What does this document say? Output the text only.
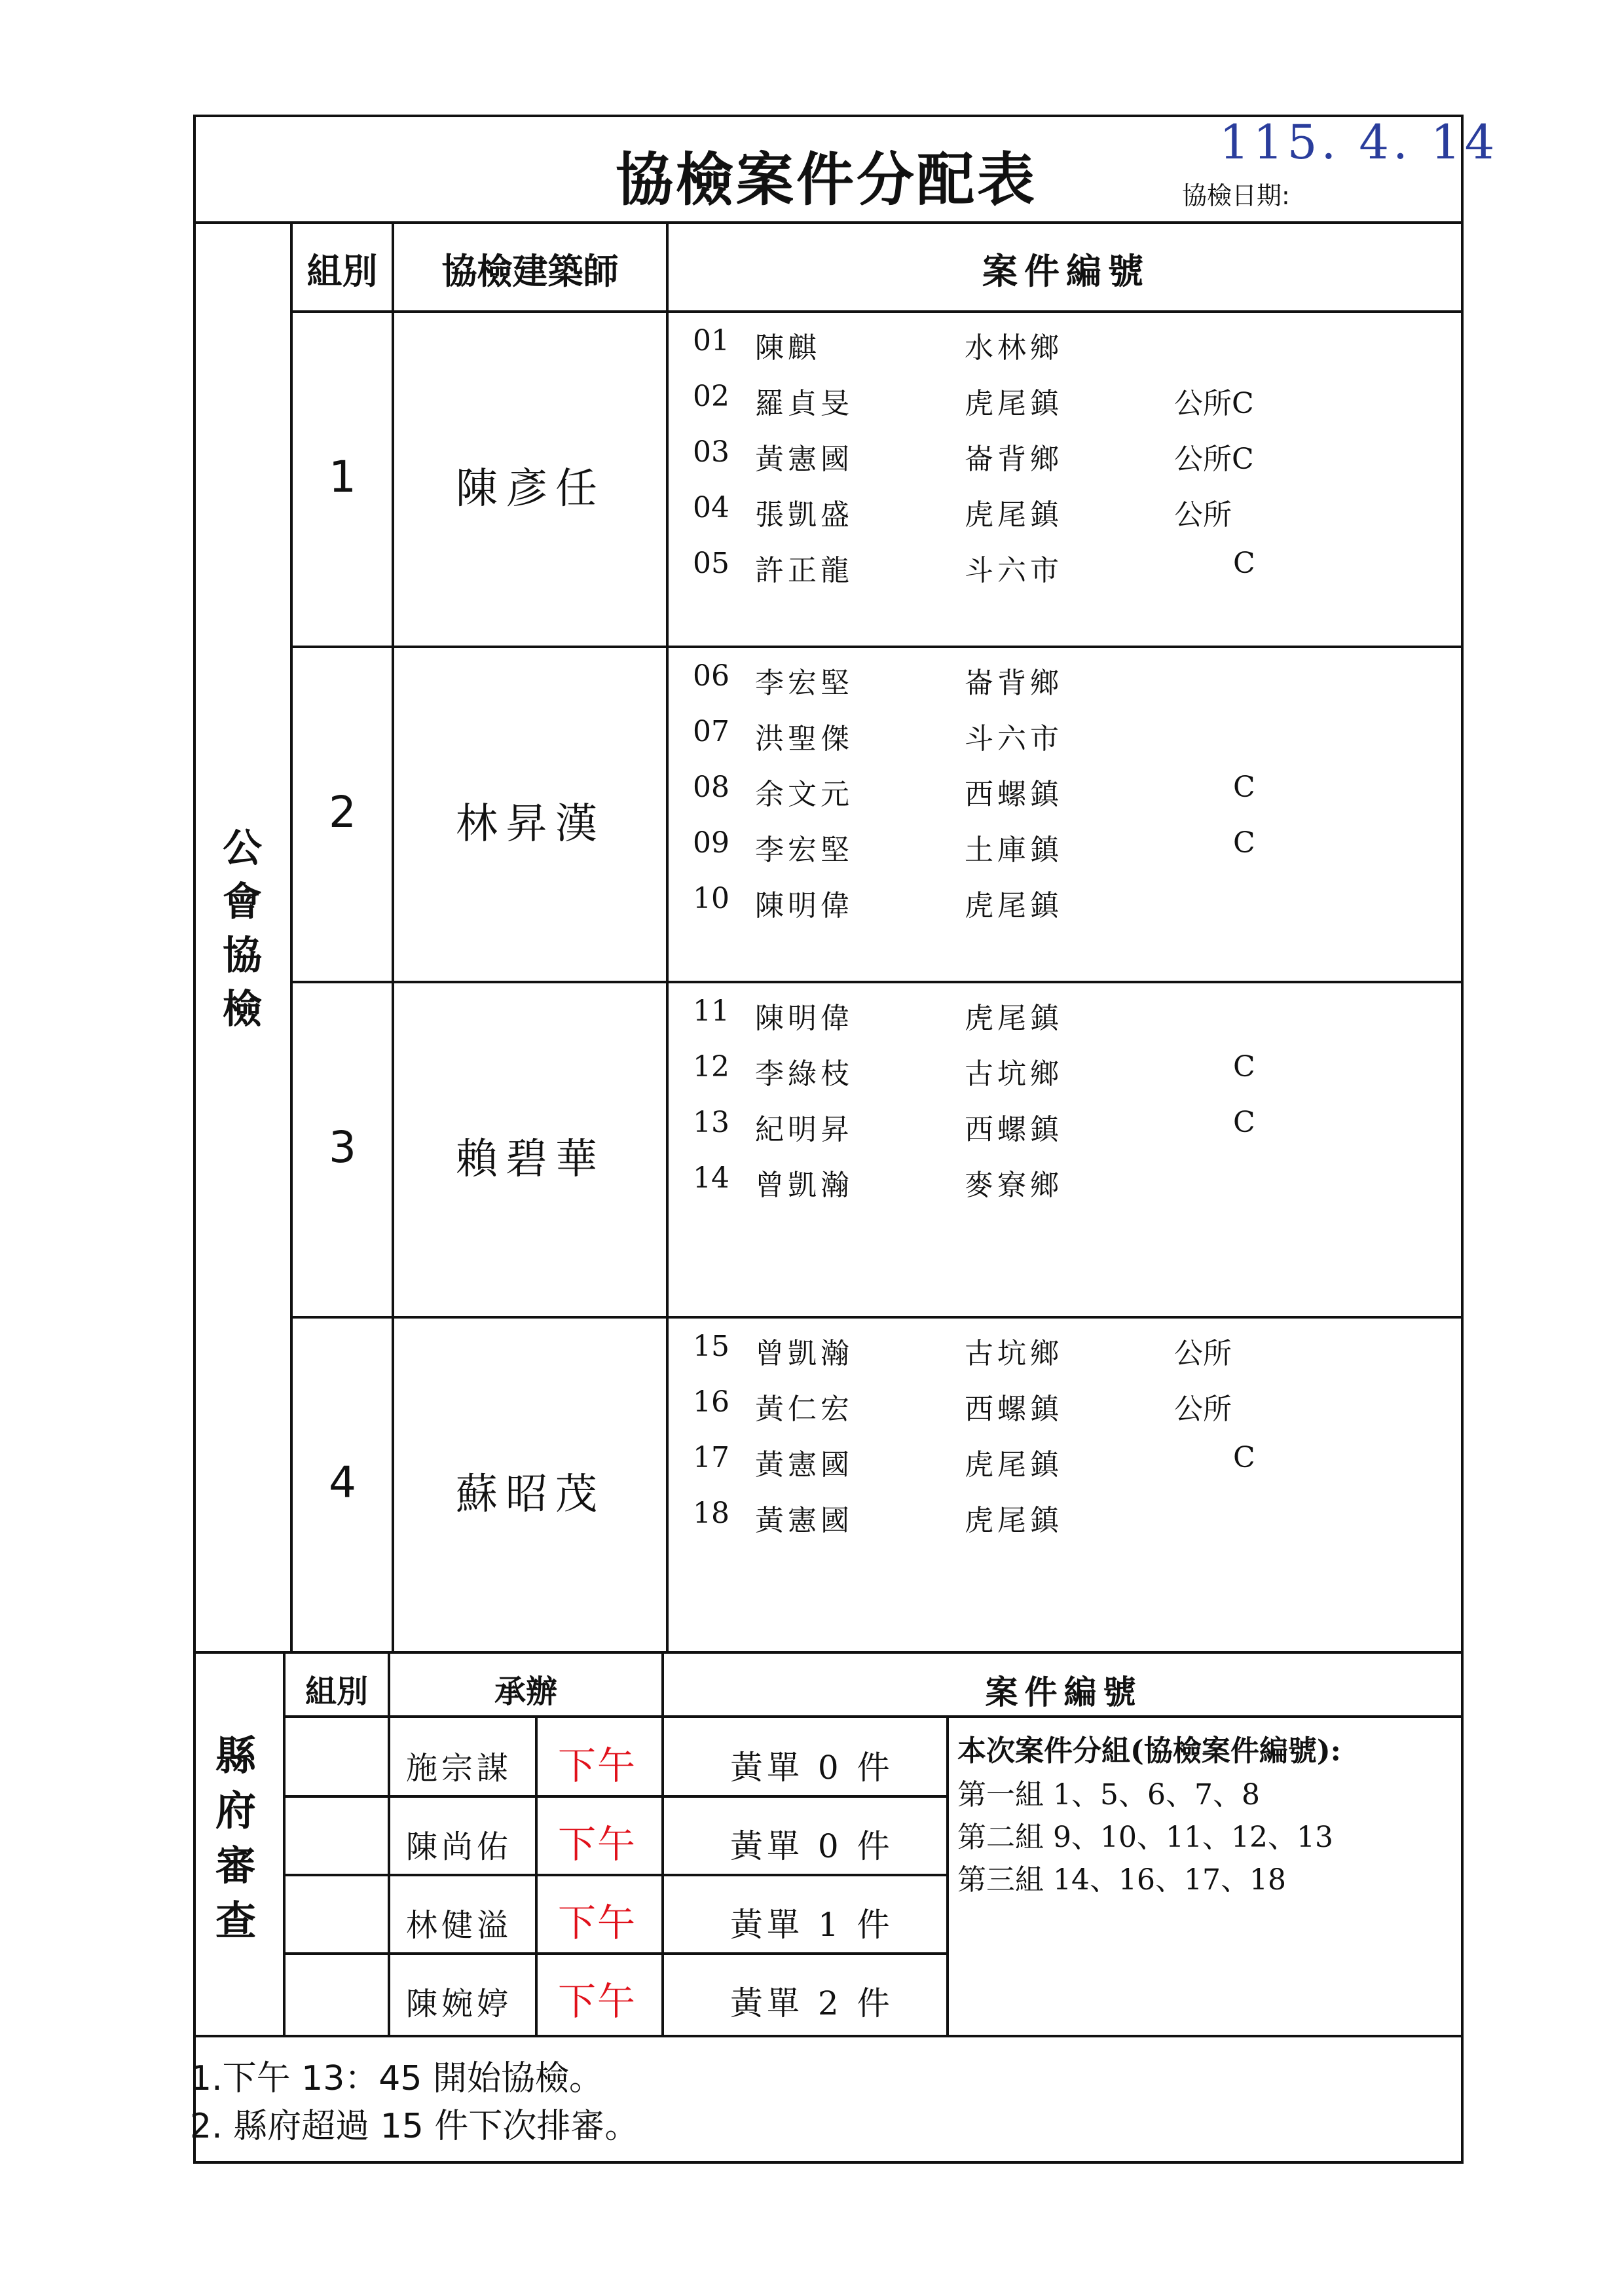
協檢案件分配表
115. 4. 14
協檢日期:
組別	協檢建築師	案件編號
公會協檢
1	陳彥任
01 陳麒	水林鄉
02 羅貞旻	虎尾鎮	公所C
03 黃憲國	崙背鄉	公所C
04 張凱盛	虎尾鎮	公所
05 許正龍	斗六市	C
2	林昇漢
06 李宏堅	崙背鄉
07 洪聖傑	斗六市
08 余文元	西螺鎮	C
09 李宏堅	土庫鎮	C
10 陳明偉	虎尾鎮
3	賴碧華
11 陳明偉	虎尾鎮
12 李綠枝	古坑鄉	C
13 紀明昇	西螺鎮	C
14 曾凱瀚	麥寮鄉
4	蘇昭茂
15 曾凱瀚	古坑鄉	公所
16 黃仁宏	西螺鎮	公所
17 黃憲國	虎尾鎮	C
18 黃憲國	虎尾鎮
縣府審查
組別	承辦	案件編號
施宗謀 下午	黃單 0 件
陳尚佑 下午	黃單 0 件
林健溢 下午	黃單 1 件
陳婉婷 下午	黃單 2 件
本次案件分組(協檢案件編號):
第一組 1、5、6、7、8
第二組 9、10、11、12、13
第三組 14、16、17、18
1.下午 13：45 開始協檢。
2. 縣府超過 15 件下次排審。
